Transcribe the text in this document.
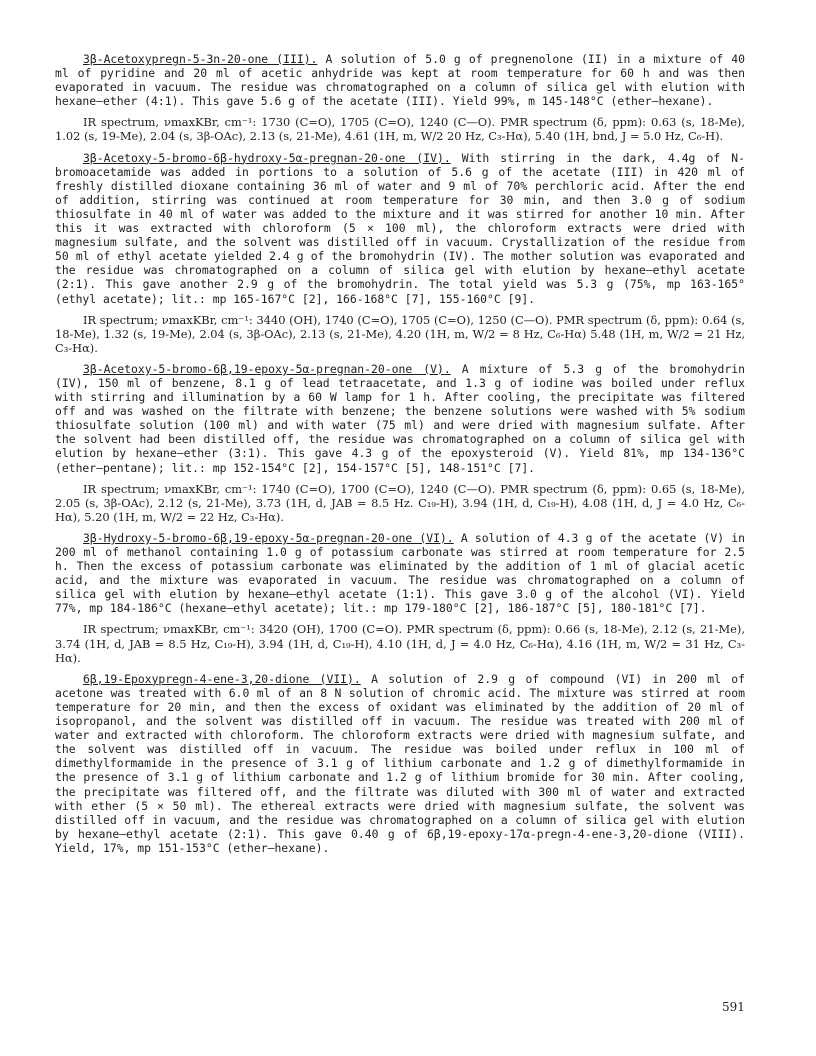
3β-Acetoxypregn-5-3n-20-one (III). A solution of 5.0 g of pregnenolone (II) in a mixture of 40 ml of pyridine and 20 ml of acetic anhydride was kept at room temperature for 60 h and was then evaporated in vacuum. The residue was chromatographed on a column of silica gel with elution with hexane—ether (4:1). This gave 5.6 g of the acetate (III). Yield 99%, m 145-148°C (ether—hexane).

IR spectrum, νmaxKBr, cm⁻¹: 1730 (C=O), 1705 (C=O), 1240 (C—O). PMR spectrum (δ, ppm): 0.63 (s, 18-Me), 1.02 (s, 19-Me), 2.04 (s, 3β-OAc), 2.13 (s, 21-Me), 4.61 (1H, m, W/2 20 Hz, C₃-Hα), 5.40 (1H, bnd, J = 5.0 Hz, C₆-H).

3β-Acetoxy-5-bromo-6β-hydroxy-5α-pregnan-20-one (IV). With stirring in the dark, 4.4g of N-bromoacetamide was added in portions to a solution of 5.6 g of the acetate (III) in 420 ml of freshly distilled dioxane containing 36 ml of water and 9 ml of 70% perchloric acid. After the end of addition, stirring was continued at room temperature for 30 min, and then 3.0 g of sodium thiosulfate in 40 ml of water was added to the mixture and it was stirred for another 10 min. After this it was extracted with chloroform (5 × 100 ml), the chloroform extracts were dried with magnesium sulfate, and the solvent was distilled off in vacuum. Crystallization of the residue from 50 ml of ethyl acetate yielded 2.4 g of the bromohydrin (IV). The mother solution was evaporated and the residue was chromatographed on a column of silica gel with elution by hexane—ethyl acetate (2:1). This gave another 2.9 g of the bromohydrin. The total yield was 5.3 g (75%, mp 163-165° (ethyl acetate); lit.: mp 165-167°C [2], 166-168°C [7], 155-160°C [9].

IR spectrum; νmaxKBr, cm⁻¹: 3440 (OH), 1740 (C=O), 1705 (C=O), 1250 (C—O). PMR spectrum (δ, ppm): 0.64 (s, 18-Me), 1.32 (s, 19-Me), 2.04 (s, 3β-OAc), 2.13 (s, 21-Me), 4.20 (1H, m, W/2 = 8 Hz, C₆-Hα) 5.48 (1H, m, W/2 = 21 Hz, C₃-Hα).

3β-Acetoxy-5-bromo-6β,19-epoxy-5α-pregnan-20-one (V). A mixture of 5.3 g of the bromohydrin (IV), 150 ml of benzene, 8.1 g of lead tetraacetate, and 1.3 g of iodine was boiled under reflux with stirring and illumination by a 60 W lamp for 1 h. After cooling, the precipitate was filtered off and was washed on the filtrate with benzene; the benzene solutions were washed with 5% sodium thiosulfate solution (100 ml) and with water (75 ml) and were dried with magnesium sulfate. After the solvent had been distilled off, the residue was chromatographed on a column of silica gel with elution by hexane—ether (3:1). This gave 4.3 g of the epoxysteroid (V). Yield 81%, mp 134-136°C (ether—pentane); lit.: mp 152-154°C [2], 154-157°C [5], 148-151°C [7].

IR spectrum; νmaxKBr, cm⁻¹: 1740 (C=O), 1700 (C=O), 1240 (C—O). PMR spectrum (δ, ppm): 0.65 (s, 18-Me), 2.05 (s, 3β-OAc), 2.12 (s, 21-Me), 3.73 (1H, d, JAB = 8.5 Hz. C₁₉-H), 3.94 (1H, d, C₁₉-H), 4.08 (1H, d, J = 4.0 Hz, C₆-Hα), 5.20 (1H, m, W/2 = 22 Hz, C₃-Hα).

3β-Hydroxy-5-bromo-6β,19-epoxy-5α-pregnan-20-one (VI). A solution of 4.3 g of the acetate (V) in 200 ml of methanol containing 1.0 g of potassium carbonate was stirred at room temperature for 2.5 h. Then the excess of potassium carbonate was eliminated by the addition of 1 ml of glacial acetic acid, and the mixture was evaporated in vacuum. The residue was chromatographed on a column of silica gel with elution by hexane—ethyl acetate (1:1). This gave 3.0 g of the alcohol (VI). Yield 77%, mp 184-186°C (hexane—ethyl acetate); lit.: mp 179-180°C [2], 186-187°C [5], 180-181°C [7].

IR spectrum; νmaxKBr, cm⁻¹: 3420 (OH), 1700 (C=O). PMR spectrum (δ, ppm): 0.66 (s, 18-Me), 2.12 (s, 21-Me), 3.74 (1H, d, JAB = 8.5 Hz, C₁₉-H), 3.94 (1H, d, C₁₉-H), 4.10 (1H, d, J = 4.0 Hz, C₆-Hα), 4.16 (1H, m, W/2 = 31 Hz, C₃-Hα).

6β,19-Epoxypregn-4-ene-3,20-dione (VII). A solution of 2.9 g of compound (VI) in 200 ml of acetone was treated with 6.0 ml of an 8 N solution of chromic acid. The mixture was stirred at room temperature for 20 min, and then the excess of oxidant was eliminated by the addition of 20 ml of isopropanol, and the solvent was distilled off in vacuum. The residue was treated with 200 ml of water and extracted with chloroform. The chloroform extracts were dried with magnesium sulfate, and the solvent was distilled off in vacuum. The residue was boiled under reflux in 100 ml of dimethylformamide in the presence of 3.1 g of lithium carbonate and 1.2 g of dimethylformamide in the presence of 3.1 g of lithium carbonate and 1.2 g of lithium bromide for 30 min. After cooling, the precipitate was filtered off, and the filtrate was diluted with 300 ml of water and extracted with ether (5 × 50 ml). The ethereal extracts were dried with magnesium sulfate, the solvent was distilled off in vacuum, and the residue was chromatographed on a column of silica gel with elution by hexane—ethyl acetate (2:1). This gave 0.40 g of 6β,19-epoxy-17α-pregn-4-ene-3,20-dione (VIII). Yield, 17%, mp 151-153°C (ether—hexane).

591
